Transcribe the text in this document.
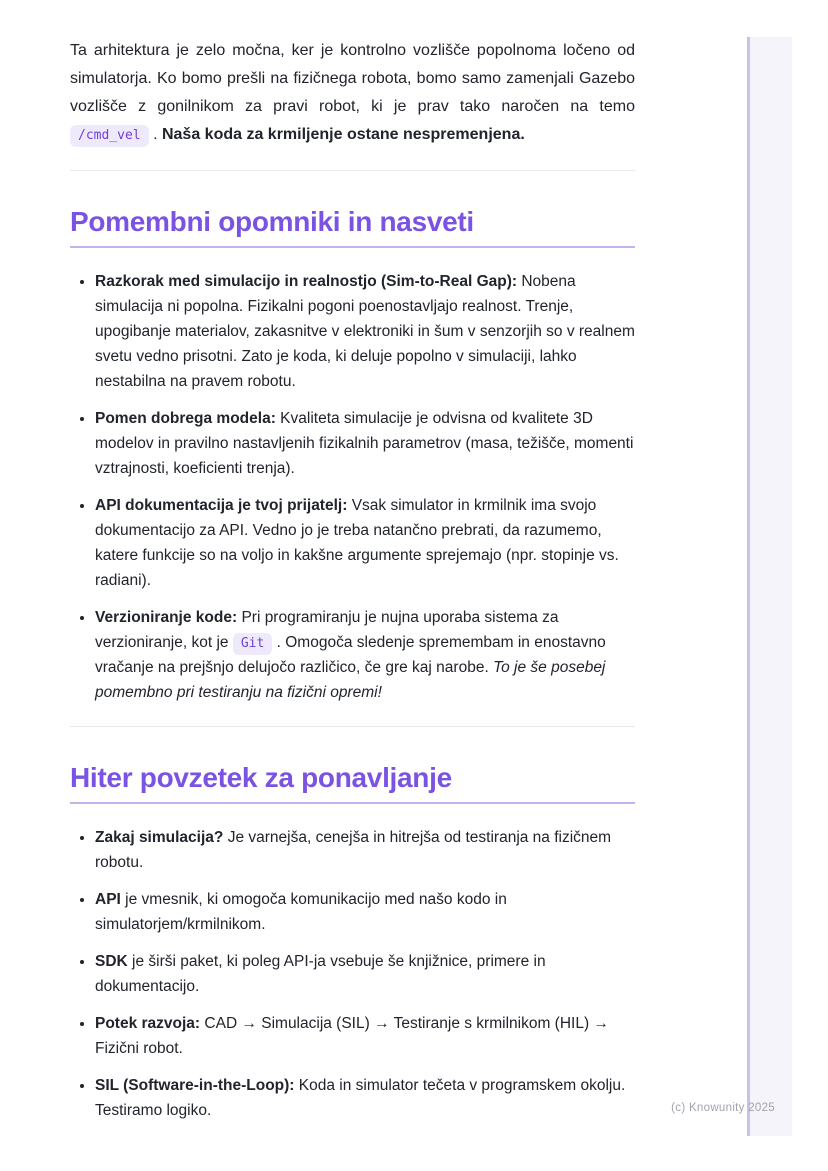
Ta arhitektura je zelo močna, ker je kontrolno vozlišče popolnoma ločeno od simulatorja. Ko bomo prešli na fizičnega robota, bomo samo zamenjali Gazebo vozlišče z gonilnikom za pravi robot, ki je prav tako naročen na temo /cmd_vel . Naša koda za krmiljenje ostane nespremenjena.

Pomembni opomniki in nasveti
• Razkorak med simulacijo in realnostjo (Sim-to-Real Gap): Nobena simulacija ni popolna. Fizikalni pogoni poenostavljajo realnost. Trenje, upogibanje materialov, zakasnitve v elektroniki in šum v senzorjih so v realnem svetu vedno prisotni. Zato je koda, ki deluje popolno v simulaciji, lahko nestabilna na pravem robotu.
• Pomen dobrega modela: Kvaliteta simulacije je odvisna od kvalitete 3D modelov in pravilno nastavljenih fizikalnih parametrov (masa, težišče, momenti vztrajnosti, koeficienti trenja).
• API dokumentacija je tvoj prijatelj: Vsak simulator in krmilnik ima svojo dokumentacijo za API. Vedno jo je treba natančno prebrati, da razumemo, katere funkcije so na voljo in kakšne argumente sprejemajo (npr. stopinje vs. radiani).
• Verzioniranje kode: Pri programiranju je nujna uporaba sistema za verzioniranje, kot je Git . Omogoča sledenje spremembam in enostavno vračanje na prejšnjo delujočo različico, če gre kaj narobe. To je še posebej pomembno pri testiranju na fizični opremi!
Hiter povzetek za ponavljanje
• Zakaj simulacija? Je varnejša, cenejša in hitrejša od testiranja na fizičnem robotu.
• API je vmesnik, ki omogoča komunikacijo med našo kodo in simulatorjem/krmilnikom.
• SDK je širši paket, ki poleg API-ja vsebuje še knjižnice, primere in dokumentacijo.
• Potek razvoja: CAD → Simulacija (SIL) → Testiranje s krmilnikom (HIL) → Fizični robot.
• SIL (Software-in-the-Loop): Koda in simulator tečeta v programskem okolju. Testiramo logiko.	(c) Knowunity 2025
